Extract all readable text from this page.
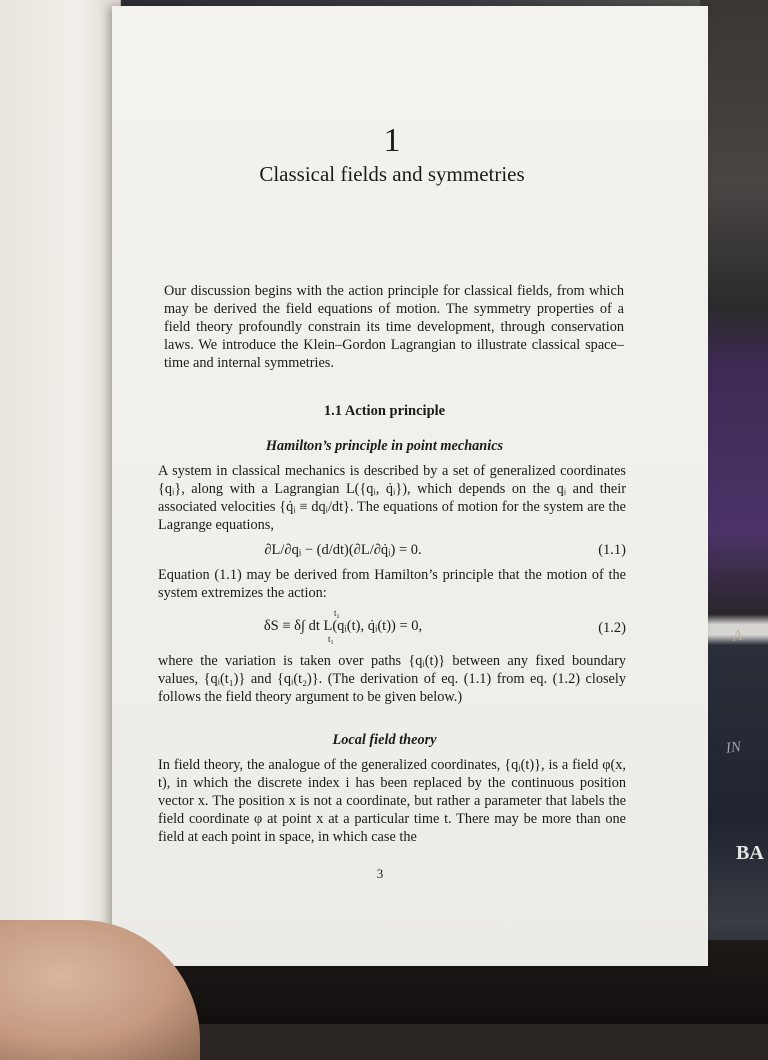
A
IN
BA
1
Classical fields and symmetries
Our discussion begins with the action principle for classical fields, from which may be derived the field equations of motion. The symmetry properties of a field theory profoundly constrain its time development, through conservation laws. We introduce the Klein–Gordon Lagrangian to illustrate classical space–time and internal symmetries.
1.1 Action principle
Hamilton’s principle in point mechanics
A system in classical mechanics is described by a set of generalized coordinates {qᵢ}, along with a Lagrangian L({qᵢ, q̇ᵢ}), which depends on the qᵢ and their associated velocities {q̇ᵢ ≡ dqᵢ/dt}. The equations of motion for the system are the Lagrange equations,
∂L/∂qᵢ − (d/dt)(∂L/∂q̇ᵢ) = 0.	(1.1)
Equation (1.1) may be derived from Hamilton’s principle that the motion of the system extremizes the action:
δS ≡ δ∫ dt L(qᵢ(t), q̇ᵢ(t)) = 0,
t₂
t₁
(1.2)
where the variation is taken over paths {qᵢ(t)} between any fixed boundary values, {qᵢ(t₁)} and {qᵢ(t₂)}. (The derivation of eq. (1.1) from eq. (1.2) closely follows the field theory argument to be given below.)
Local field theory
In field theory, the analogue of the generalized coordinates, {qᵢ(t)}, is a field φ(x, t), in which the discrete index i has been replaced by the continuous position vector x. The position x is not a coordinate, but rather a parameter that labels the field coordinate φ at point x at a particular time t. There may be more than one field at each point in space, in which case the
3
